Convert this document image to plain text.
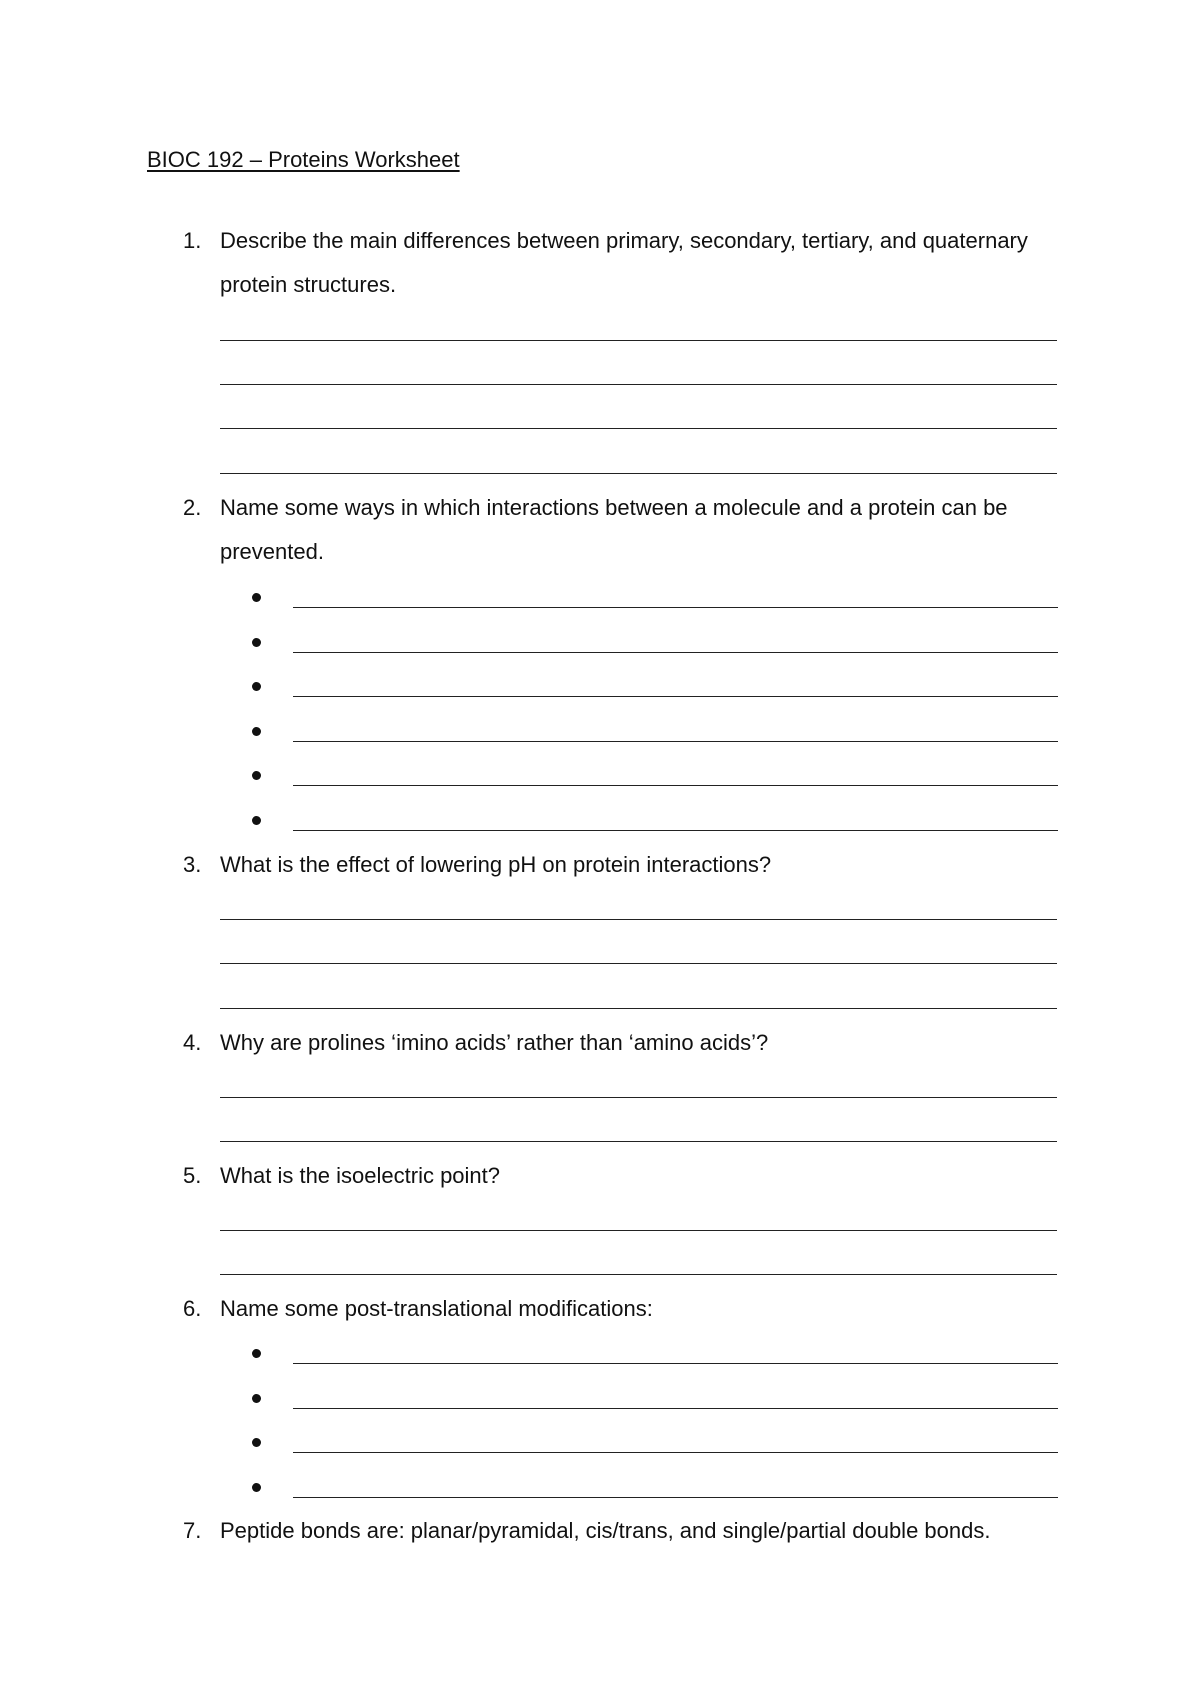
BIOC 192 – Proteins Worksheet
1. Describe the main differences between primary, secondary, tertiary, and quaternary protein structures.
2. Name some ways in which interactions between a molecule and a protein can be prevented.
3. What is the effect of lowering pH on protein interactions?
4. Why are prolines ‘imino acids’ rather than ‘amino acids’?
5. What is the isoelectric point?
6. Name some post-translational modifications:
7. Peptide bonds are: planar/pyramidal, cis/trans, and single/partial double bonds.
